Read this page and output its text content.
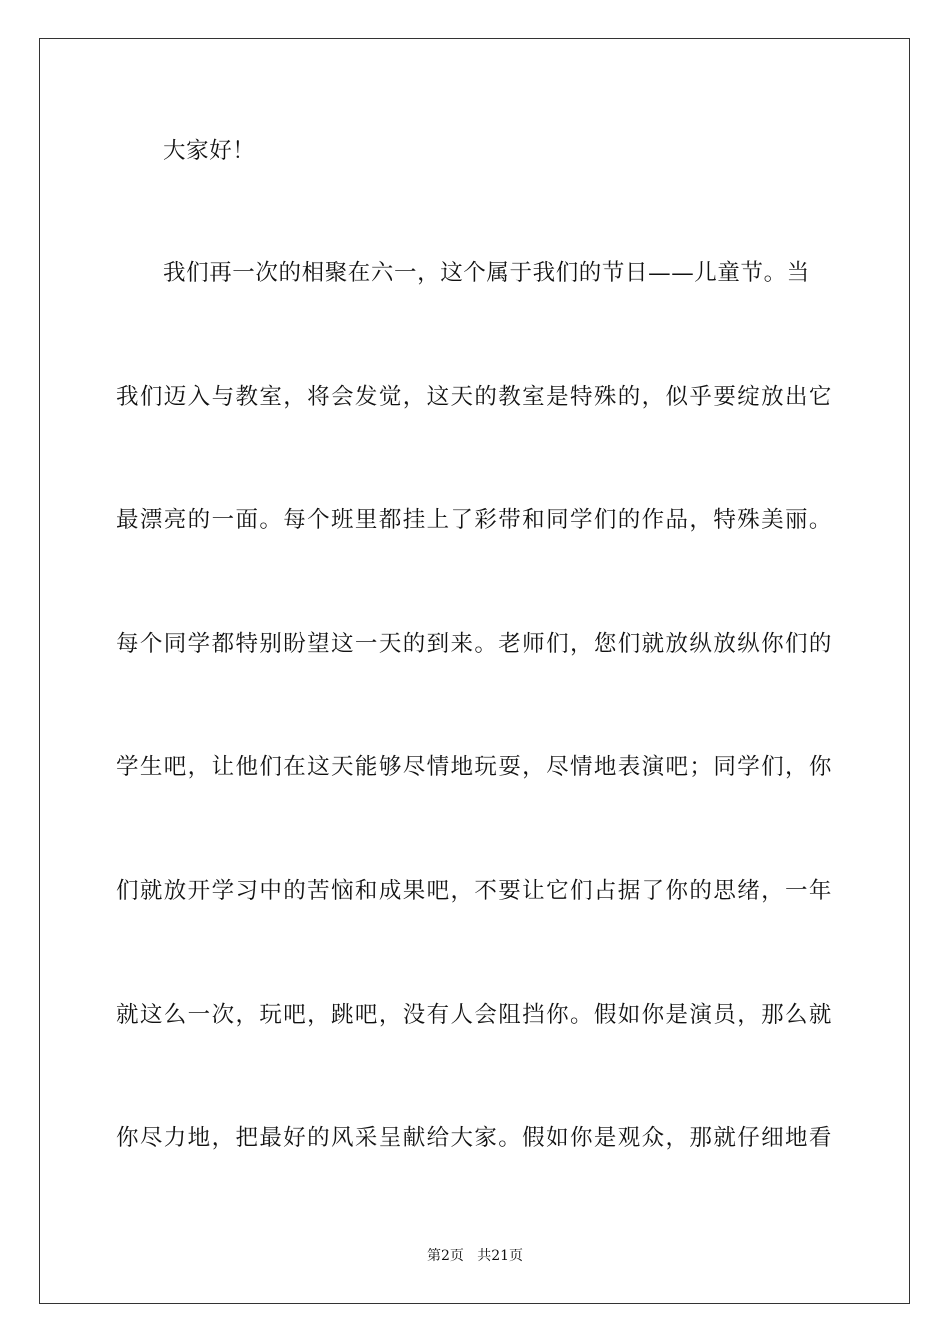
大家好！
我们再一次的相聚在六一，这个属于我们的节日——儿童节。当
我们迈入与教室，将会发觉，这天的教室是特殊的，似乎要绽放出它
最漂亮的一面。每个班里都挂上了彩带和同学们的作品，特殊美丽。
每个同学都特别盼望这一天的到来。老师们，您们就放纵放纵你们的
学生吧，让他们在这天能够尽情地玩耍，尽情地表演吧；同学们，你
们就放开学习中的苦恼和成果吧，不要让它们占据了你的思绪，一年
就这么一次，玩吧，跳吧，没有人会阻挡你。假如你是演员，那么就
你尽力地，把最好的风采呈献给大家。假如你是观众，那就仔细地看
第2页   共21页
